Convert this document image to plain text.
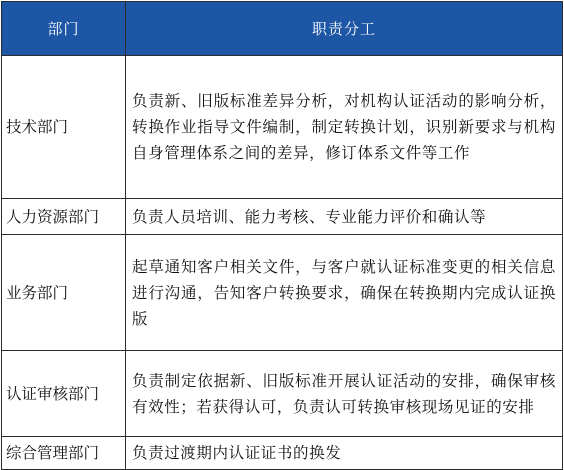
部门	职责分工
技术部门	负责新、旧版标准差异分析，对机构认证活动的影响分析，转换作业指导文件编制，制定转换计划，识别新要求与机构自身管理体系之间的差异，修订体系文件等工作
人力资源部门	负责人员培训、能力考核、专业能力评价和确认等
业务部门	起草通知客户相关文件，与客户就认证标准变更的相关信息进行沟通，告知客户转换要求，确保在转换期内完成认证换版
认证审核部门	负责制定依据新、旧版标准开展认证活动的安排，确保审核有效性；若获得认可，负责认可转换审核现场见证的安排
综合管理部门	负责过渡期内认证证书的换发
